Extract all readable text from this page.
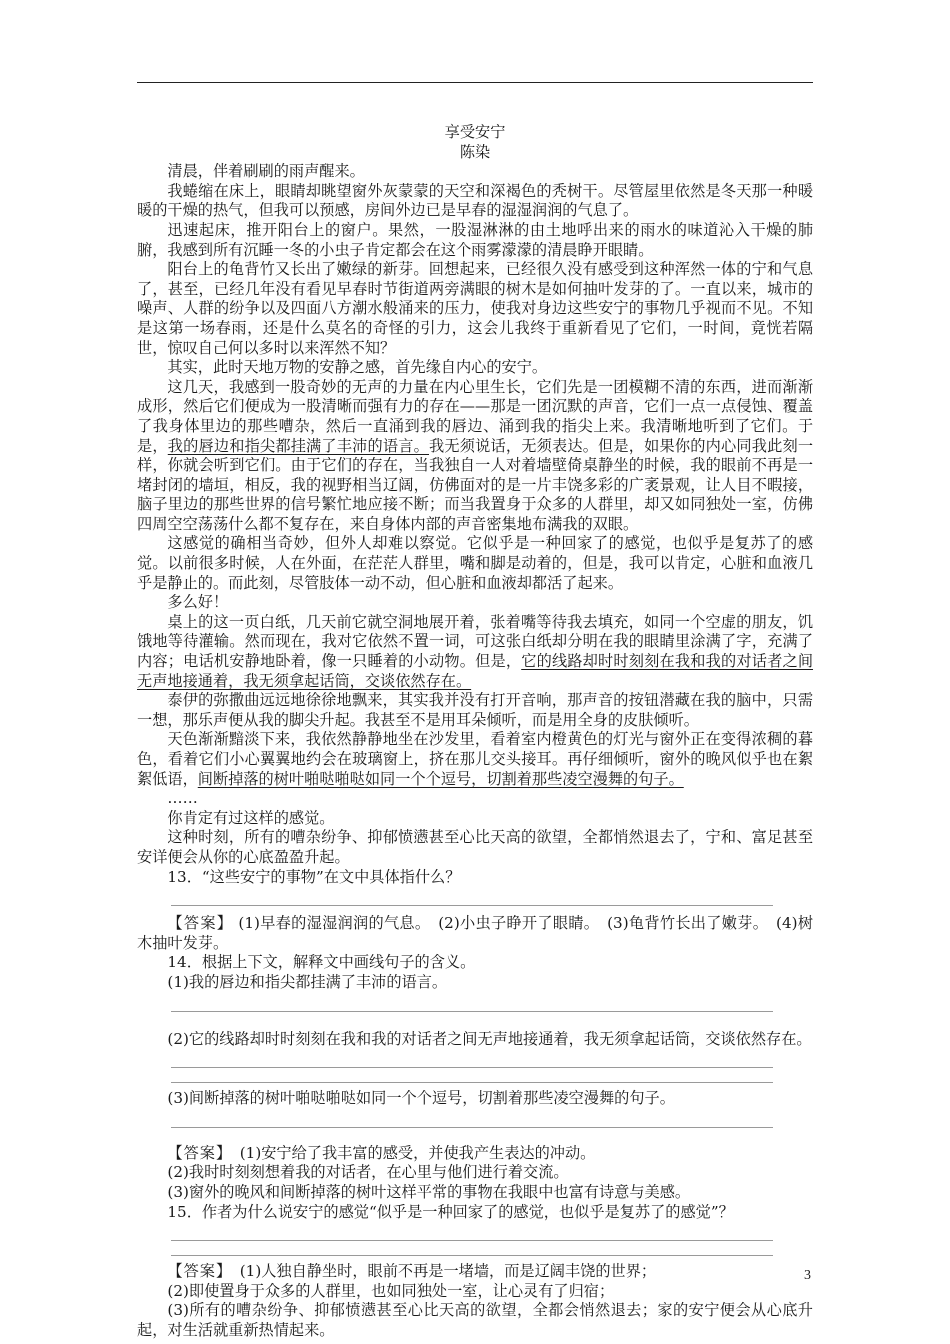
享受安宁
陈染

清晨，伴着刷刷的雨声醒来。

我蜷缩在床上，眼睛却眺望窗外灰蒙蒙的天空和深褐色的秃树干。尽管屋里依然是冬天那一种暖暖的干燥的热气，但我可以预感，房间外边已是早春的湿湿润润的气息了。

迅速起床，推开阳台上的窗户。果然，一股湿淋淋的由土地呼出来的雨水的味道沁入干燥的肺腑，我感到所有沉睡一冬的小虫子肯定都会在这个雨雾濛濛的清晨睁开眼睛。

阳台上的龟背竹又长出了嫩绿的新芽。回想起来，已经很久没有感受到这种浑然一体的宁和气息了，甚至，已经几年没有看见早春时节街道两旁满眼的树木是如何抽叶发芽的了。一直以来，城市的噪声、人群的纷争以及四面八方潮水般涌来的压力，使我对身边这些安宁的事物几乎视而不见。不知是这第一场春雨，还是什么莫名的奇怪的引力，这会儿我终于重新看见了它们，一时间，竟恍若隔世，惊叹自己何以多时以来浑然不知？

其实，此时天地万物的安静之感，首先缘自内心的安宁。

这几天，我感到一股奇妙的无声的力量在内心里生长，它们先是一团模糊不清的东西，进而渐渐成形，然后它们便成为一股清晰而强有力的存在——那是一团沉默的声音，它们一点一点侵蚀、覆盖了我身体里边的那些嘈杂，然后一直涌到我的唇边、涌到我的指尖上来。我清晰地听到了它们。于是，我的唇边和指尖都挂满了丰沛的语言。我无须说话，无须表达。但是，如果你的内心同我此刻一样，你就会听到它们。由于它们的存在，当我独自一人对着墙壁倚桌静坐的时候，我的眼前不再是一堵封闭的墙垣，相反，我的视野相当辽阔，仿佛面对的是一片丰饶多彩的广袤景观，让人目不暇接，脑子里边的那些世界的信号繁忙地应接不断；而当我置身于众多的人群里，却又如同独处一室，仿佛四周空空荡荡什么都不复存在，来自身体内部的声音密集地布满我的双眼。

这感觉的确相当奇妙，但外人却难以察觉。它似乎是一种回家了的感觉，也似乎是复苏了的感觉。以前很多时候，人在外面，在茫茫人群里，嘴和脚是动着的，但是，我可以肯定，心脏和血液几乎是静止的。而此刻，尽管肢体一动不动，但心脏和血液却都活了起来。

多么好！

桌上的这一页白纸，几天前它就空洞地展开着，张着嘴等待我去填充，如同一个空虚的朋友，饥饿地等待灌输。然而现在，我对它依然不置一词，可这张白纸却分明在我的眼睛里涂满了字，充满了内容；电话机安静地卧着，像一只睡着的小动物。但是，它的线路却时时刻刻在我和我的对话者之间无声地接通着，我无须拿起话筒，交谈依然存在。

泰伊的弥撒曲远远地徐徐地飘来，其实我并没有打开音响，那声音的按钮潜藏在我的脑中，只需一想，那乐声便从我的脚尖升起。我甚至不是用耳朵倾听，而是用全身的皮肤倾听。

天色渐渐黯淡下来，我依然静静地坐在沙发里，看着室内橙黄色的灯光与窗外正在变得浓稠的暮色，看着它们小心翼翼地约会在玻璃窗上，挤在那儿交头接耳。再仔细倾听，窗外的晚风似乎也在絮絮低语，间断掉落的树叶啪哒啪哒如同一个个逗号，切割着那些凌空漫舞的句子。

……

你肯定有过这样的感觉。

这种时刻，所有的嘈杂纷争、抑郁愤懑甚至心比天高的欲望，全都悄然退去了，宁和、富足甚至安详便会从你的心底盈盈升起。

13．“这些安宁的事物”在文中具体指什么？

【答案】 (1)早春的湿湿润润的气息。　(2)小虫子睁开了眼睛。　(3)龟背竹长出了嫩芽。　(4)树木抽叶发芽。

14．根据上下文，解释文中画线句子的含义。

(1)我的唇边和指尖都挂满了丰沛的语言。

(2)它的线路却时时刻刻在我和我的对话者之间无声地接通着，我无须拿起话筒，交谈依然存在。

(3)间断掉落的树叶啪哒啪哒如同一个个逗号，切割着那些凌空漫舞的句子。

【答案】　 (1)安宁给了我丰富的感受，并使我产生表达的冲动。

(2)我时时刻刻想着我的对话者，在心里与他们进行着交流。

(3)窗外的晚风和间断掉落的树叶这样平常的事物在我眼中也富有诗意与美感。

15．作者为什么说安宁的感觉“似乎是一种回家了的感觉，也似乎是复苏了的感觉”？

【答案】　 (1)人独自静坐时，眼前不再是一堵墙，而是辽阔丰饶的世界；

(2)即使置身于众多的人群里，也如同独处一室，让心灵有了归宿；

(3)所有的嘈杂纷争、抑郁愤懑甚至心比天高的欲望，全都会悄然退去；家的安宁便会从心底升起，对生活就重新热情起来。

3
